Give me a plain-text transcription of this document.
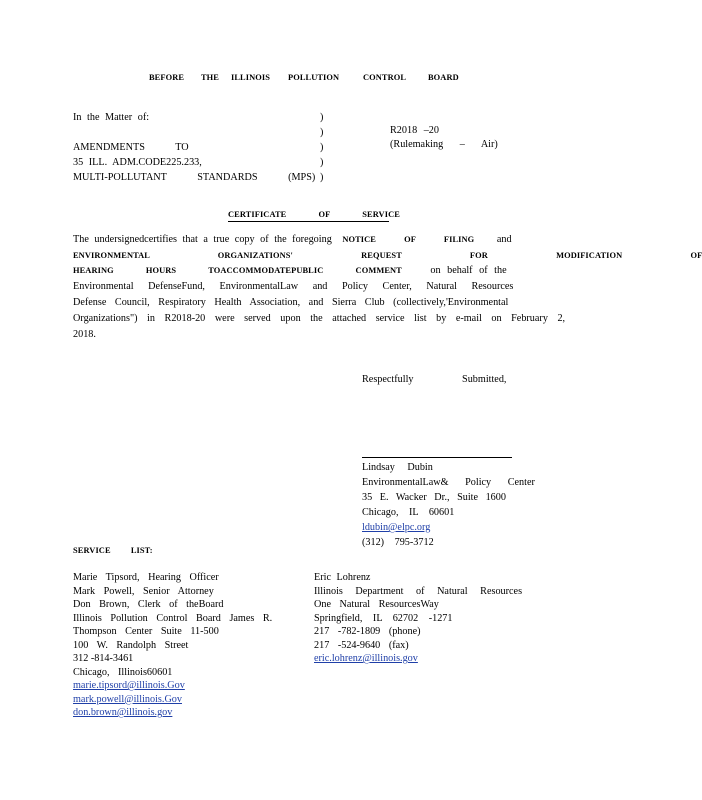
BEFORE THE ILLINOIS POLLUTION	CONTROL	BOARD
In the Matter of:
AMENDMENTS TO
35 ILL. ADM.CODE225.233,
MULTI-POLLUTANT STANDARDS (MPS)
)
)
)
)
)
R2018 –20
(Rulemaking – Air)
CERTIFICATE OF SERVICE
The undersignedcertifies that a true copy of the foregoing NOTICE OF FILING and
ENVIRONMENTAL ORGANIZATIONS' REQUEST FOR MODIFICATION OF
HEARING HOURS TOACCOMMODATEPUBLIC COMMENT	on behalf of the
Environmental DefenseFund, EnvironmentalLaw and Policy Center, Natural Resources
Defense Council, Respiratory Health Association, and Sierra Club (collectively,'Environmental
Organizations") in R2018-20 were served upon the attached service list by e-mail on February 2,
2018.
Respectfully Submitted,
Lindsay Dubin
EnvironmentalLaw& Policy Center
35 E. Wacker Dr., Suite 1600
Chicago, IL 60601
ldubin@elpc.org
(312) 795-3712
SERVICE LIST:
Marie Tipsord, Hearing Officer
Mark Powell, Senior Attorney
Don Brown, Clerk of theBoard
Illinois Pollution Control Board James R.
Thompson Center Suite 11-500
100 W. Randolph Street
312 -814-3461
Chicago, Illinois60601
marie.tipsord@illinois.Gov
mark.powell@illinois.Gov
don.brown@illinois.gov
Eric Lohrenz
Illinois Department of Natural Resources
One Natural ResourcesWay
Springfield, IL 62702 -1271
217 -782-1809 (phone)
217 -524-9640 (fax)
eric.lohrenz@illinois.gov
